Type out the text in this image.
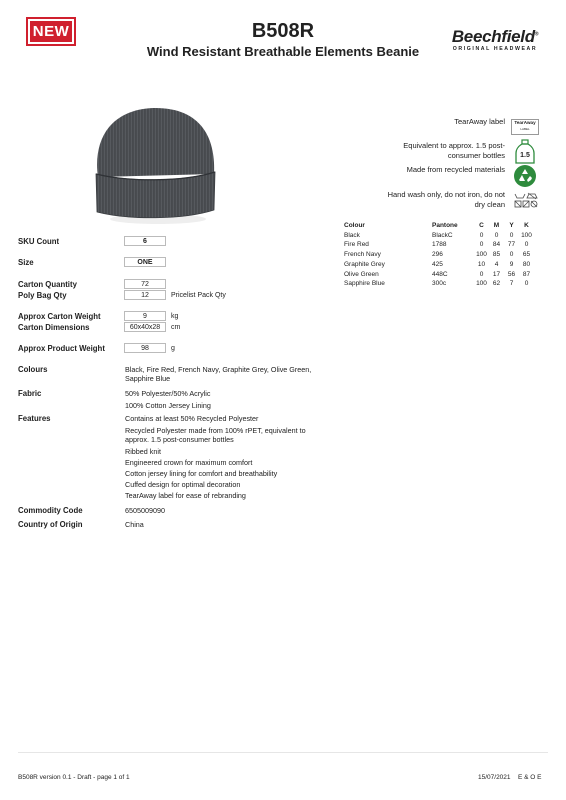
NEW	B508R
Wind Resistant Breathable Elements Beanie
Beechfield®
ORIGINAL HEADWEAR
TearAway label	TearAway
LABEL
Equivalent to approx. 1.5 post-consumer bottles 1.5
Made from recycled materials
Hand wash only, do not iron, do not dry clean
Colour	Pantone	C	M	Y	K
Black	BlackC	0	0	0	100
Fire Red	1788	0	84	77	0
French Navy	296	100	85	0	65
Graphite Grey	425	10	4	9	80
Olive Green	448C	0	17	56	87
Sapphire Blue	300c	100	62	7	0
SKU Count	6
Size	ONE
Carton Quantity	72
Poly Bag Qty	12	Pricelist Pack Qty
Approx Carton Weight	9	kg
Carton Dimensions	60x40x28	cm
Approx Product Weight	98	g
Colours	Black, Fire Red, French Navy, Graphite Grey, Olive Green, Sapphire Blue
Fabric	50% Polyester/50% Acrylic
100% Cotton Jersey Lining
Features	Contains at least 50% Recycled Polyester
Recycled Polyester made from 100% rPET, equivalent to approx. 1.5 post-consumer bottles
Ribbed knit
Engineered crown for maximum comfort
Cotton jersey lining for comfort and breathability
Cuffed design for optimal decoration
TearAway label for ease of rebranding
Commodity Code	6505009090
Country of Origin	China
B508R version 0.1 - Draft - page 1 of 1	15/07/2021 E & O E
